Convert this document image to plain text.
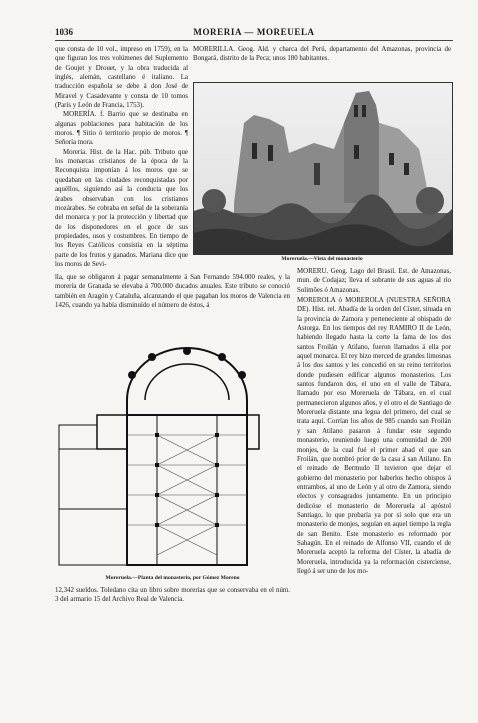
1036	MORERIA — MOREUELA

que consta de 10 vol., impreso en 1759), en la que figuran los tres volúmenes del Suplemento de Goujet y Drouet, y la obra traducida al inglés, alemán, castellano é italiano. La traducción española se debe á don José de Miravel y Casadevante y consta de 10 tomos (París y León de Francia, 1753).

MORERÍA. f. Barrio que se destinaba en algunas poblaciones para habitación de los moros. ¶ Sitio ó territorio propio de moros. ¶ Señoría mora.

Morería. Hist. de la Hac. púb. Tributo que los monarcas cristianos de la época de la Reconquista imponían á los moros que se quedaban en las ciudades reconquistadas por aquéllos, siguiendo así la conducta que los árabes observaban con los cristianos mozárabes. Se cobraba en señal de la soberanía del monarca y por la protección y libertad que de los disponedores en el goce de sus propiedades, usos y costumbres. En tiempo de los Reyes Católicos consistía en la séptima parte de los frutos y ganados. Mariana dice que los moros de Sevi-

lla, que se obligaron á pagar semanalmente á San Fernando 594.000 reales, y la morería de Granada se elevaba á 700.000 ducados anuales. Este tributo se conoció también en Aragón y Cataluña, alcanzando el que pagaban los moros de Valencia en 1426, cuando ya había disminuído el número de éstos, á

MORERILLA. Geog. Ald. y charca del Perú, departamento del Amazonas, provincia de Bongará, distrito de la Peca; unos 180 habitantes.

Moreruela.—Vista del monasterio

MORERU. Geog. Lago del Brasil. Est. de Amazonas, mun. de Codajaz; lleva el sobrante de sus aguas al río Solimões ó Amazonas.

MOREROLA ó MOREROLA (NUESTRA SEÑORA DE). Hist. rel. Abadía de la orden del Císter, situada en la provincia de Zamora y perteneciente al obispado de Astorga. En los tiempos del rey RAMIRO II de León, habiendo llegado hasta la corte la fama de los dos santos Froilán y Atilano, fueron llamados á ella por aquel monarca. El rey hizo merced de grandes limosnas á los dos santos y les concedió en su reino territorios donde pudiesen edificar algunos monasterios. Los santos fundaron dos, el uno en el valle de Tábara, llamado por eso Moreruela de Tábara, en el cual permanecieron algunos años, y el otro el de Santiago de Moreruela distante una legua del primero, del cual se trata aquí. Corrían los años de 985 cuando san Froilán y san Atilano pasaron á fundar este segundo monasterio, reuniendo luego una comunidad de 200 monjes, de la cual fué el primer abad el que san Froilán, que nombró prior de la casa á san Atilano. En el reinado de Bermudo II tuvieron que dejar el gobierno del monasterio por haberlos hecho obispos á entrambos, al uno de León y al otro de Zamora, siendo electos y consagrados juntamente. En un principio dedicóse el monasterio de Moreruela al apóstol Santiago, lo que probaría ya por sí solo que era un monasterio de monjes, seguían en aquel tiempo la regla de san Benito. Este monasterio es reformado por Sahagún. En el reinado de Alfonso VII, cuando el de Moreruela aceptó la reforma del Císter, la abadía de Moreruela, introducida ya la reformación cisterciense, llegó á ser uno de los mo-

Moreruela.—Planta del monasterio, por Gómez Moreno

12,342 sueldos. Toledano cita un libro sobre morerías que se conservaba en el núm. 3 del armario 15 del Archivo Real de Valencia.
